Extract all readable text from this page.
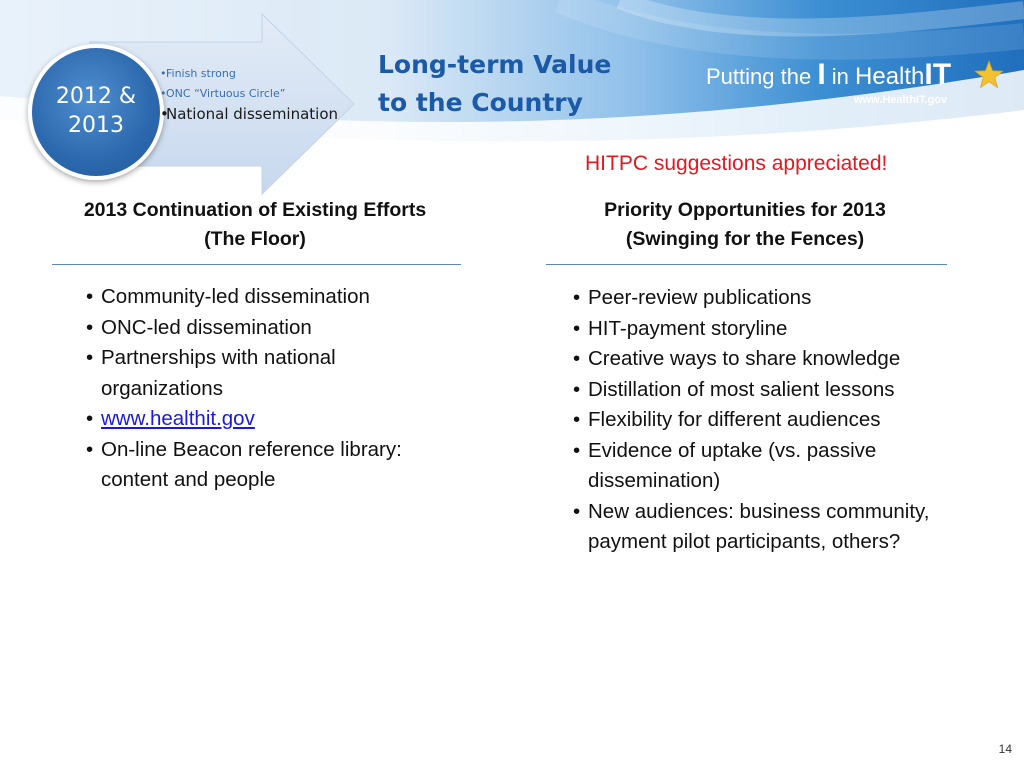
2012 &
2013
• Finish strong
• ONC “Virtuous Circle”
• National dissemination
Long-term Value
to the Country
Putting the I in HealthIT
www.HealthIT.gov
HITPC suggestions appreciated!
2013 Continuation of Existing Efforts
(The Floor)
• Community-led dissemination
• ONC-led dissemination
• Partnerships with national organizations
• www.healthit.gov
• On-line Beacon reference library: content and people
Priority Opportunities for 2013
(Swinging for the Fences)
• Peer-review publications
• HIT-payment storyline
• Creative ways to share knowledge
• Distillation of most salient lessons
• Flexibility for different audiences
• Evidence of uptake (vs. passive dissemination)
• New audiences: business community, payment pilot participants, others?
14
